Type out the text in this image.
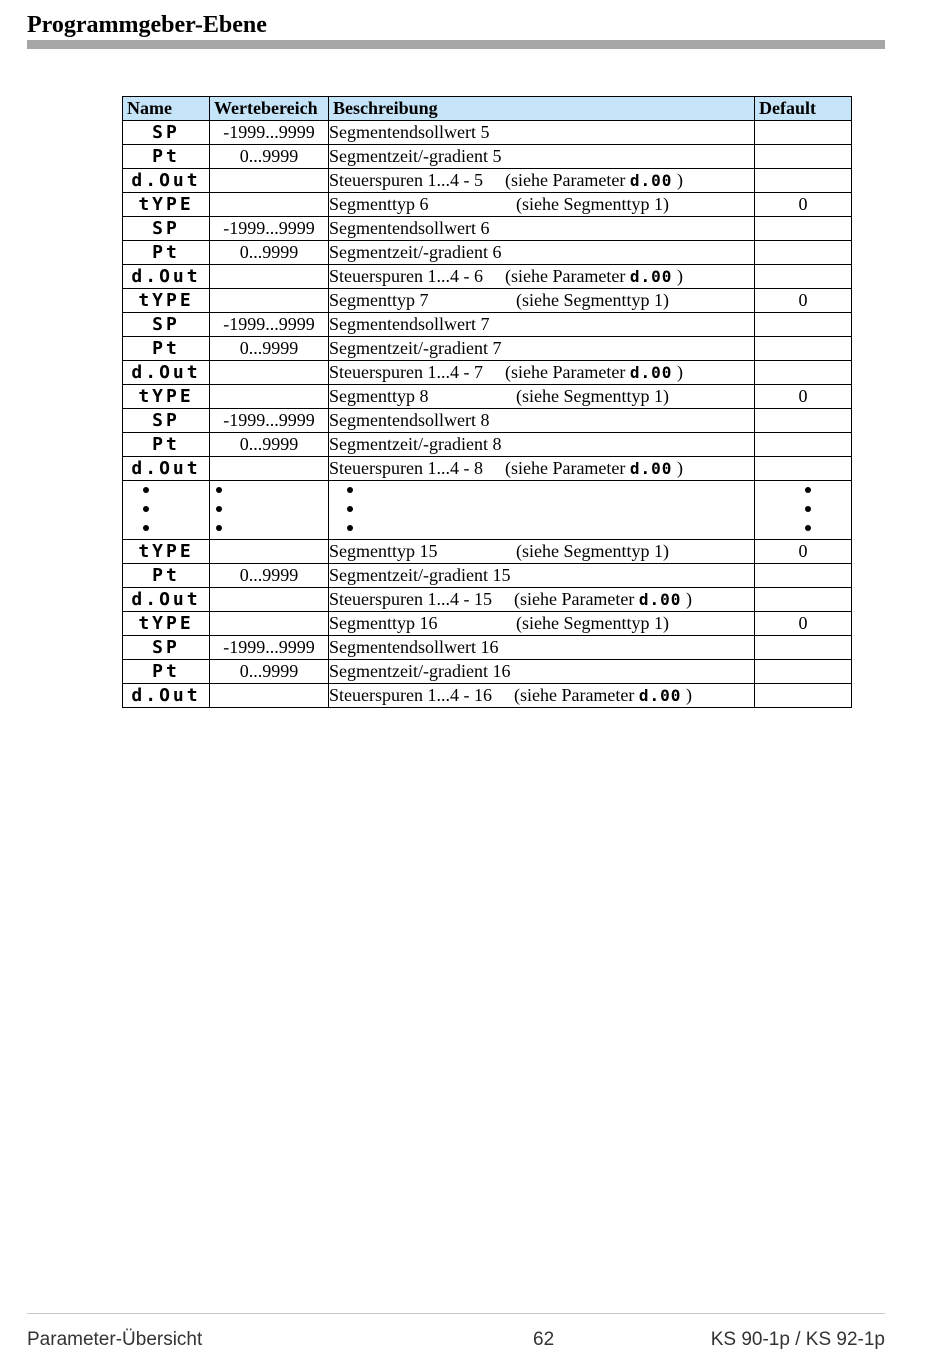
Programmgeber-Ebene
Name	Wertebereich	Beschreibung	Default
SP	-1999...9999	Segmentendsollwert 5	
Pt	0...9999	Segmentzeit/-gradient 5	
d.Out		Steuerspuren 1...4 - 5 (siehe Parameter d.00 )	
tYPE		Segmenttyp 6 (siehe Segmenttyp 1)	0
SP	-1999...9999	Segmentendsollwert 6	
Pt	0...9999	Segmentzeit/-gradient 6	
d.Out		Steuerspuren 1...4 - 6 (siehe Parameter d.00 )	
tYPE		Segmenttyp 7 (siehe Segmenttyp 1)	0
SP	-1999...9999	Segmentendsollwert 7	
Pt	0...9999	Segmentzeit/-gradient 7	
d.Out		Steuerspuren 1...4 - 7 (siehe Parameter d.00 )	
tYPE		Segmenttyp 8 (siehe Segmenttyp 1)	0
SP	-1999...9999	Segmentendsollwert 8	
Pt	0...9999	Segmentzeit/-gradient 8	
d.Out		Steuerspuren 1...4 - 8 (siehe Parameter d.00 )	

tYPE		Segmenttyp 15 (siehe Segmenttyp 1)	0
Pt	0...9999	Segmentzeit/-gradient 15	
d.Out		Steuerspuren 1...4 - 15 (siehe Parameter d.00 )	
tYPE		Segmenttyp 16 (siehe Segmenttyp 1)	0
SP	-1999...9999	Segmentendsollwert 16	
Pt	0...9999	Segmentzeit/-gradient 16	
d.Out		Steuerspuren 1...4 - 16 (siehe Parameter d.00 )	
Parameter-Übersicht	62	KS 90-1p / KS 92-1p
